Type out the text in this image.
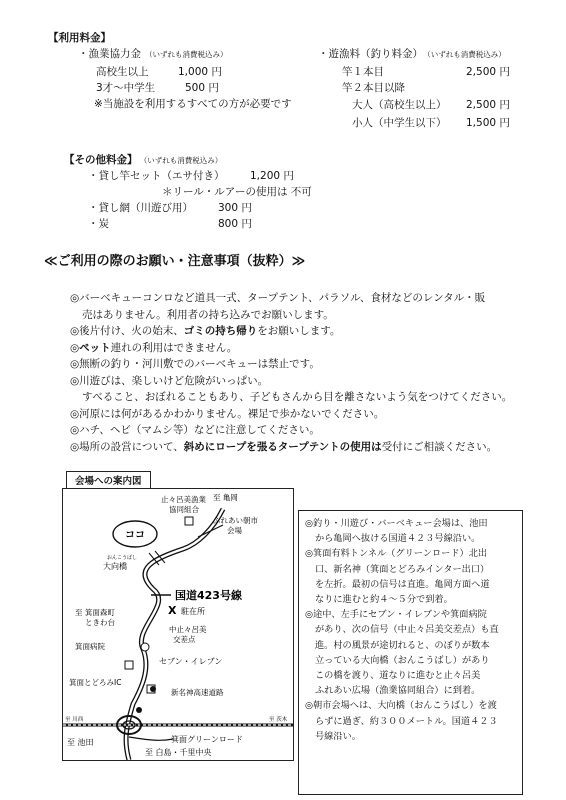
【利用料金】
・漁業協力金 （いずれも消費税込み）
高校生以上	1,000 円
3才～中学生	500 円
※当施設を利用するすべての方が必要です
・遊漁料（釣り料金） （いずれも消費税込み）
竿１本目	2,500 円
竿２本目以降
大人（高校生以上） 2,500 円
小人（中学生以下） 1,500 円
【その他料金】 （いずれも消費税込み）
・貸し竿セット（エサ付き） 1,200 円
＊リール・ルアーの使用は 不可
・貸し網（川遊び用） 300 円
・炭	800 円
≪ご利用の際のお願い・注意事項（抜粋）≫

◎バーベキューコンロなど道具一式、タープテント、パラソル、食材などのレンタル・販

売はありません。利用者の持ち込みでお願いします。

◎後片付け、火の始末、ゴミの持ち帰りをお願いします。

◎ペット連れの利用はできません。

◎無断の釣り・河川敷でのバーベキューは禁止です。

◎川遊びは、楽しいけど危険がいっぱい。

すべること、おぼれることもあり、子どもさんから目を離さないよう気をつけてください。

◎河原には何があるかわかりません。裸足で歩かないでください。

◎ハチ、ヘビ（マムシ等）などに注意してください。

◎場所の設営について、斜めにロープを張るタープテントの使用は受付にご相談ください。

ココ
X
止々呂美漁業
協同組合
至 亀岡
ふれあい朝市
会場
おんこうばし
大向橋
国道423号線
至 箕面森町
ときわ台
駐在所
中止々呂美
交差点
箕面病院
セブン・イレブン
箕面とどろみIC
新名神高速道路
至 川西	至 茨木
至 池田	箕面グリーンロード
至 白島・千里中央
会場への案内図

◎釣り・川遊び・バーベキュー会場は、池田

から亀岡へ抜ける国道４２３号線沿い。

◎箕面有料トンネル（グリーンロード）北出

口、新名神（箕面とどろみインター出口）

を左折。最初の信号は直進。亀岡方面へ道

なりに進むと約４～５分で到着。

◎途中、左手にセブン・イレブンや箕面病院

があり、次の信号（中止々呂美交差点）も直

進。村の風景が途切れると、のぼりが数本

立っている大向橋（おんこうばし）があり

この橋を渡り、道なりに進むと止々呂美

ふれあい広場（漁業協同組合）に到着。

◎朝市会場へは、大向橋（おんこうばし）を渡

らずに過ぎ、約３００メートル。国道４２３

号線沿い。
